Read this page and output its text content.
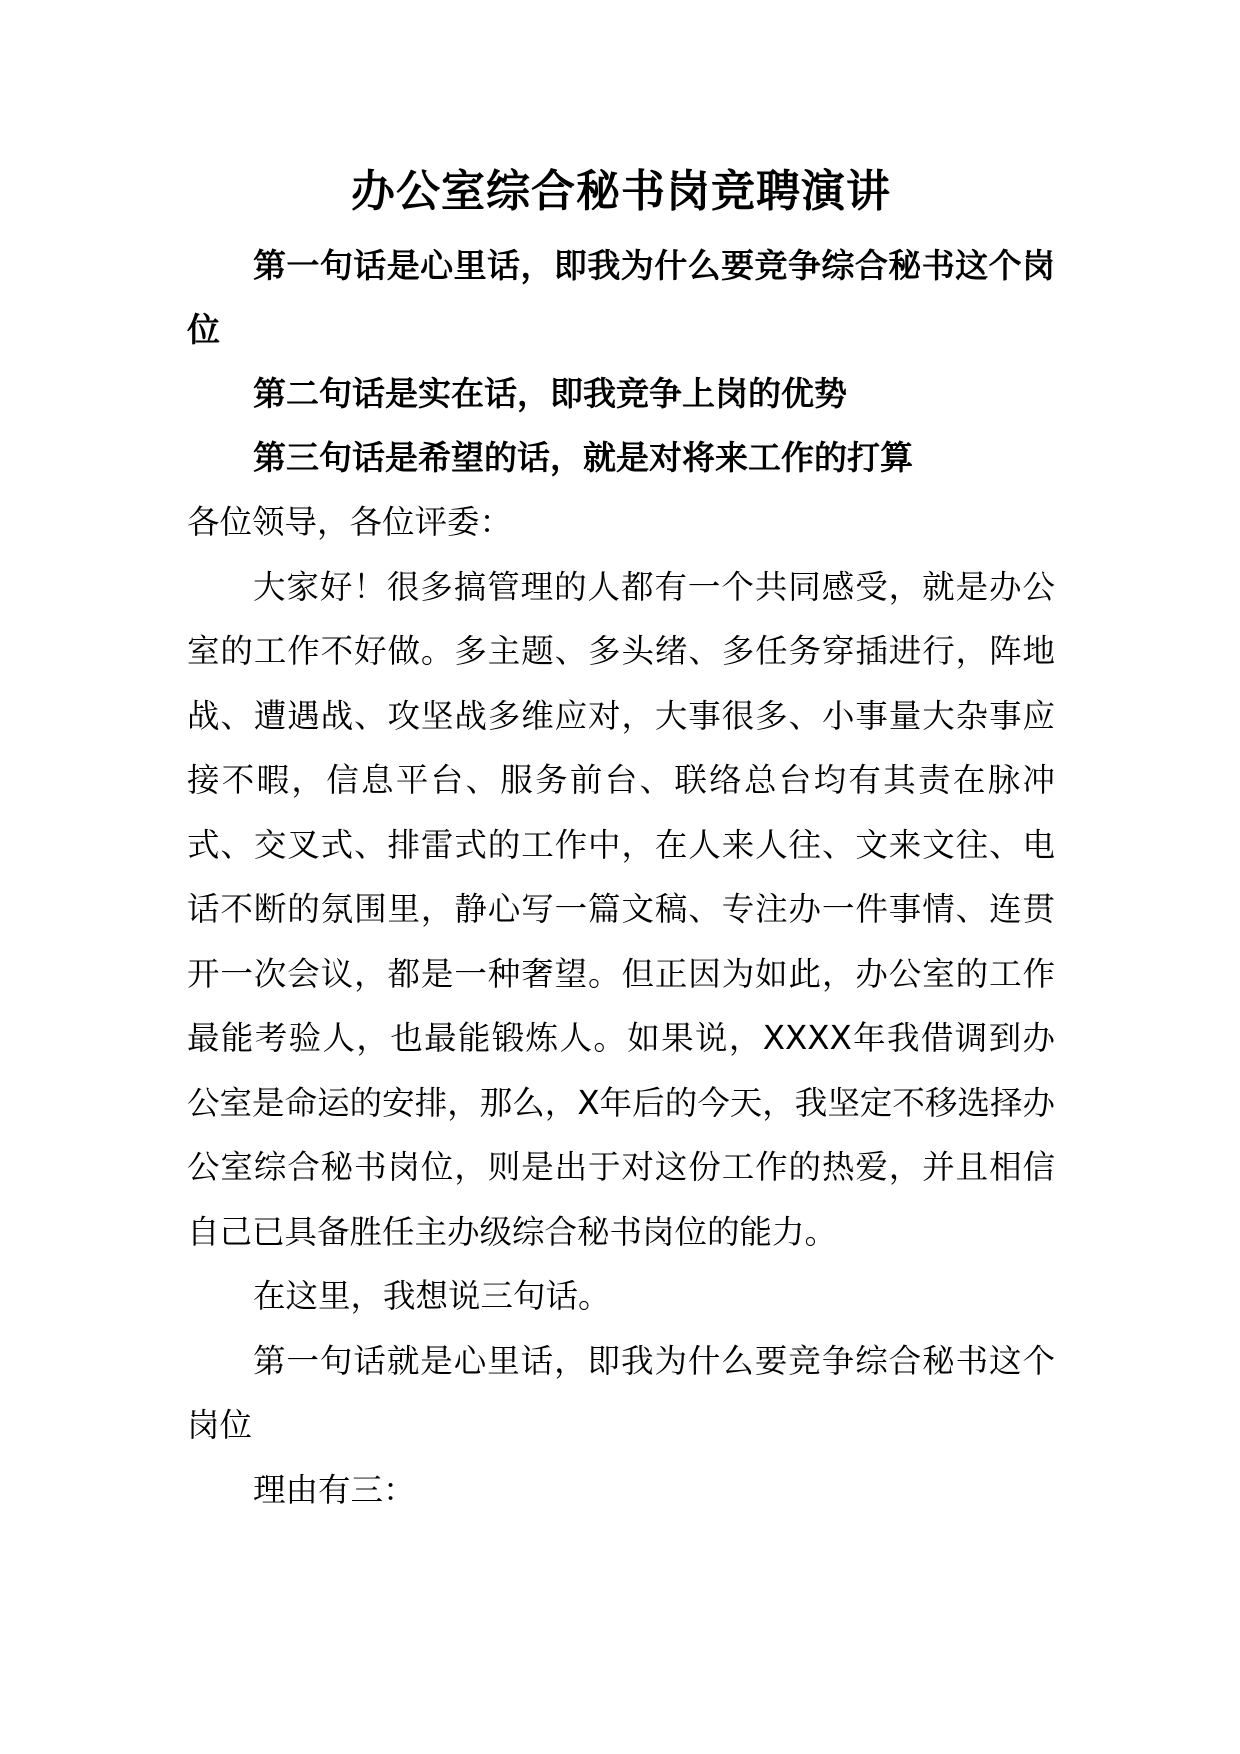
办公室综合秘书岗竞聘演讲

第一句话是心里话，即我为什么要竞争综合秘书这个岗位

第二句话是实在话，即我竞争上岗的优势

第三句话是希望的话，就是对将来工作的打算

各位领导，各位评委：

大家好！很多搞管理的人都有一个共同感受，就是办公室的工作不好做。多主题、多头绪、多任务穿插进行，阵地战、遭遇战、攻坚战多维应对，大事很多、小事量大杂事应接不暇，信息平台、服务前台、联络总台均有其责在脉冲式、交叉式、排雷式的工作中，在人来人往、文来文往、电话不断的氛围里，静心写一篇文稿、专注办一件事情、连贯开一次会议，都是一种奢望。但正因为如此，办公室的工作最能考验人，也最能锻炼人。如果说，XXXX年我借调到办公室是命运的安排，那么，X年后的今天，我坚定不移选择办公室综合秘书岗位，则是出于对这份工作的热爱，并且相信自己已具备胜任主办级综合秘书岗位的能力。

在这里，我想说三句话。

第一句话就是心里话，即我为什么要竞争综合秘书这个岗位

理由有三：
